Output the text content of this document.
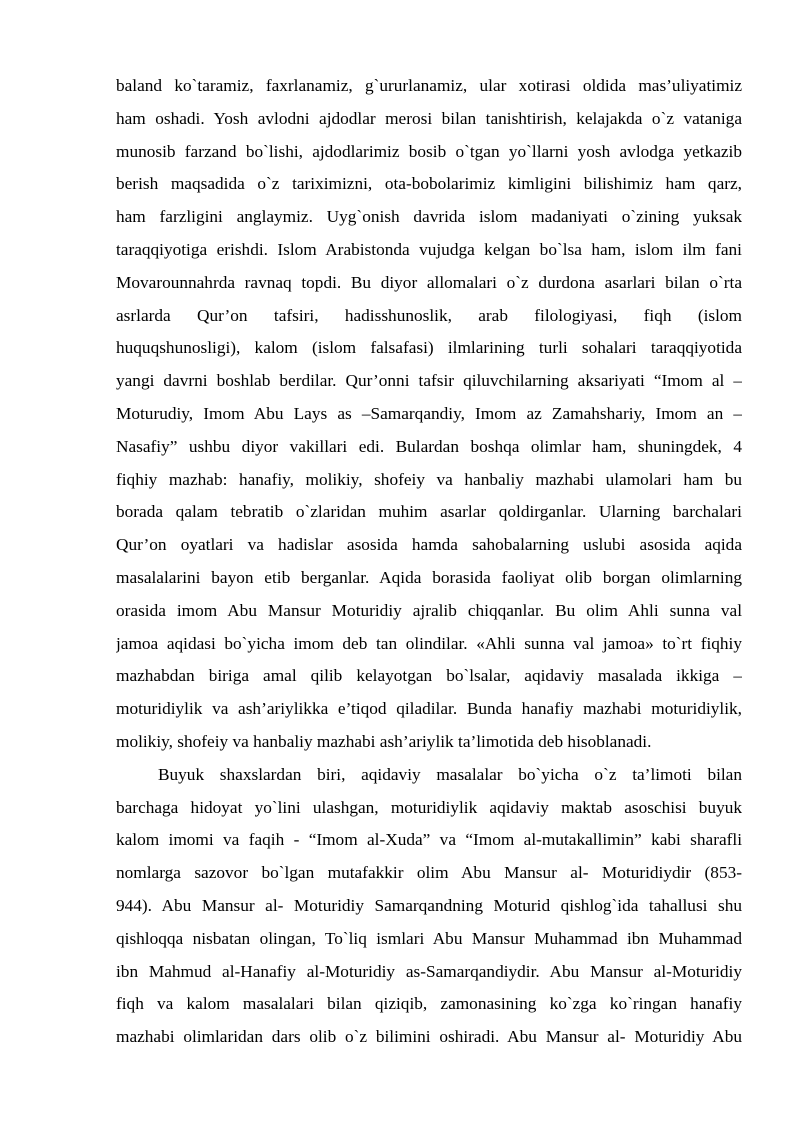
baland ko`taramiz, faxrlanamiz, g`ururlanamiz, ular xotirasi oldida mas’uliyatimiz
ham oshadi. Yosh avlodni ajdodlar merosi bilan tanishtirish, kelajakda o`z vataniga
munosib farzand bo`lishi, ajdodlarimiz bosib o`tgan yo`llarni yosh avlodga yetkazib
berish maqsadida o`z tariximizni, ota-bobolarimiz kimligini bilishimiz ham qarz,
ham farzligini anglaymiz. Uyg`onish davrida islom madaniyati o`zining yuksak
taraqqiyotiga erishdi. Islom Arabistonda vujudga kelgan bo`lsa ham, islom ilm fani
Movarounnahrda ravnaq topdi. Bu diyor allomalari o`z durdona asarlari bilan o`rta
asrlarda Qur’on tafsiri, hadisshunoslik, arab filologiyasi, fiqh (islom
huquqshunosligi), kalom (islom falsafasi) ilmlarining turli sohalari taraqqiyotida
yangi davrni boshlab berdilar. Qur’onni tafsir qiluvchilarning aksariyati “Imom al –
Moturudiy, Imom Abu Lays as –Samarqandiy, Imom az Zamahshariy, Imom an –
Nasafiy” ushbu diyor vakillari edi. Bulardan boshqa olimlar ham, shuningdek, 4
fiqhiy mazhab: hanafiy, molikiy, shofeiy va hanbaliy mazhabi ulamolari ham bu
borada qalam tebratib o`zlaridan muhim asarlar qoldirganlar. Ularning barchalari
Qur’on oyatlari va hadislar asosida hamda sahobalarning uslubi asosida aqida
masalalarini bayon etib berganlar. Aqida borasida faoliyat olib borgan olimlarning
orasida imom Abu Mansur Moturidiy ajralib chiqqanlar. Bu olim Ahli sunna val
jamoa aqidasi bo`yicha imom deb tan olindilar. «Ahli sunna val jamoa» to`rt fiqhiy
mazhabdan biriga amal qilib kelayotgan bo`lsalar, aqidaviy masalada ikkiga –
moturidiylik va ash’ariylikka e’tiqod qiladilar. Bunda hanafiy mazhabi moturidiylik,
molikiy, shofeiy va hanbaliy mazhabi ash’ariylik ta’limotida deb hisoblanadi.
Buyuk shaxslardan biri, aqidaviy masalalar bo`yicha o`z ta’limoti bilan
barchaga hidoyat yo`lini ulashgan, moturidiylik aqidaviy maktab asoschisi buyuk
kalom imomi va faqih - “Imom al-Xuda” va “Imom al-mutakallimin” kabi sharafli
nomlarga sazovor bo`lgan mutafakkir olim Abu Mansur al- Moturidiydir (853-
944). Abu Mansur al- Moturidiy Samarqandning Moturid qishlog`ida tahallusi shu
qishloqqa nisbatan olingan, To`liq ismlari Abu Mansur Muhammad ibn Muhammad
ibn Mahmud al-Hanafiy al-Moturidiy as-Samarqandiydir. Abu Mansur al-Moturidiy
fiqh va kalom masalalari bilan qiziqib, zamonasining ko`zga ko`ringan hanafiy
mazhabi olimlaridan dars olib o`z bilimini oshiradi. Abu Mansur al- Moturidiy Abu
